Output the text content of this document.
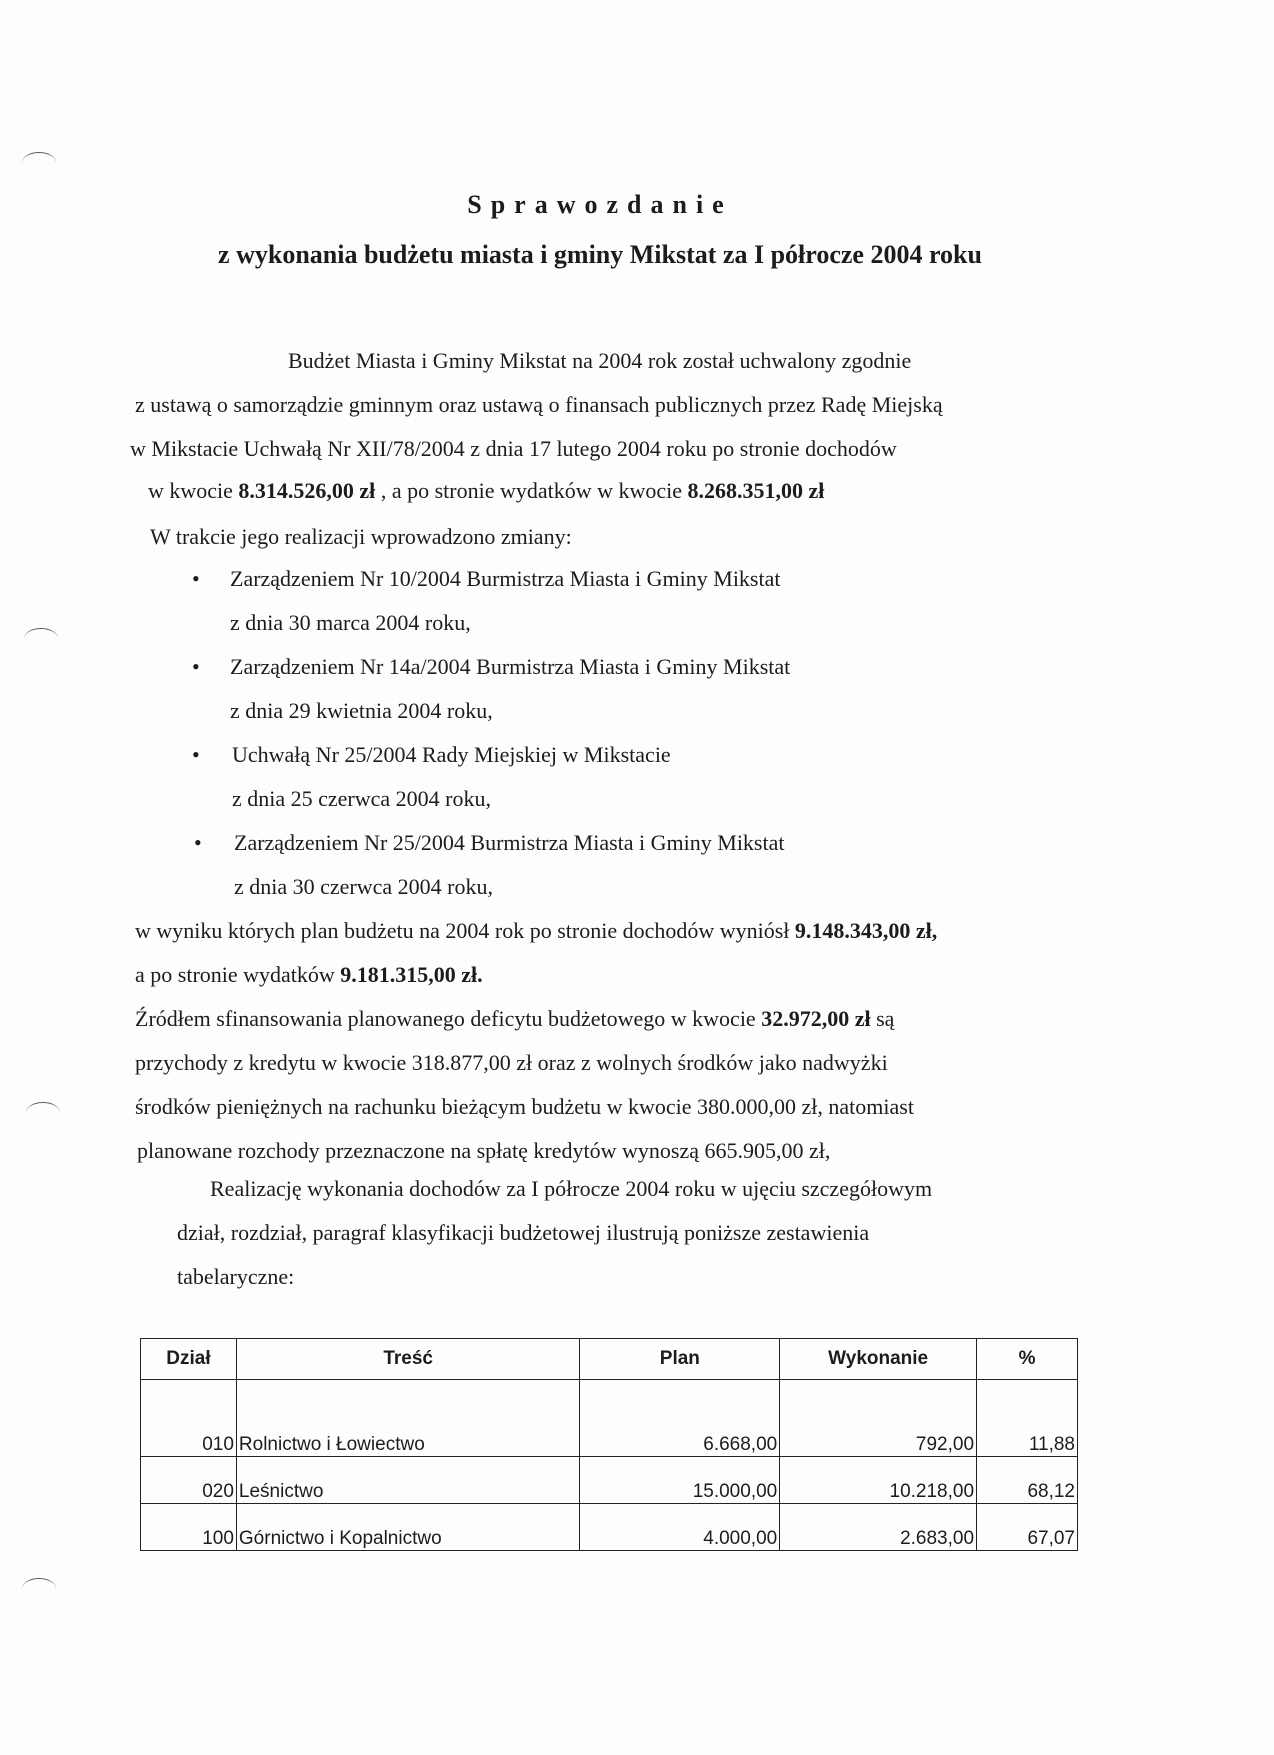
Sprawozdanie
z wykonania budżetu miasta i gminy Mikstat za I półrocze 2004 roku
Budżet Miasta i Gminy Mikstat na 2004 rok został uchwalony zgodnie
z ustawą o samorządzie gminnym oraz ustawą o finansach publicznych przez Radę Miejską
w Mikstacie Uchwałą Nr XII/78/2004 z dnia 17 lutego 2004 roku po stronie dochodów
w kwocie 8.314.526,00 zł , a po stronie wydatków w kwocie 8.268.351,00 zł
W trakcie jego realizacji wprowadzono zmiany:
• Zarządzeniem Nr 10/2004 Burmistrza Miasta i Gminy Mikstat
z dnia 30 marca 2004 roku,
• Zarządzeniem Nr 14a/2004 Burmistrza Miasta i Gminy Mikstat
z dnia 29 kwietnia 2004 roku,
• Uchwałą Nr 25/2004 Rady Miejskiej w Mikstacie
z dnia 25 czerwca 2004 roku,
• Zarządzeniem Nr 25/2004 Burmistrza Miasta i Gminy Mikstat
z dnia 30 czerwca 2004 roku,
w wyniku których plan budżetu na 2004 rok po stronie dochodów wyniósł 9.148.343,00 zł,
a po stronie wydatków 9.181.315,00 zł.
Źródłem sfinansowania planowanego deficytu budżetowego w kwocie 32.972,00 zł są
przychody z kredytu w kwocie 318.877,00 zł oraz z wolnych środków jako nadwyżki
środków pieniężnych na rachunku bieżącym budżetu w kwocie 380.000,00 zł, natomiast
planowane rozchody przeznaczone na spłatę kredytów wynoszą 665.905,00 zł,
Realizację wykonania dochodów za I półrocze 2004 roku w ujęciu szczegółowym
dział, rozdział, paragraf klasyfikacji budżetowej ilustrują poniższe zestawienia
tabelaryczne:
Dział	Treść	Plan	Wykonanie	%
010	Rolnictwo i Łowiectwo	6.668,00	792,00	11,88
020	Leśnictwo	15.000,00	10.218,00	68,12
100	Górnictwo i Kopalnictwo	4.000,00	2.683,00	67,07
